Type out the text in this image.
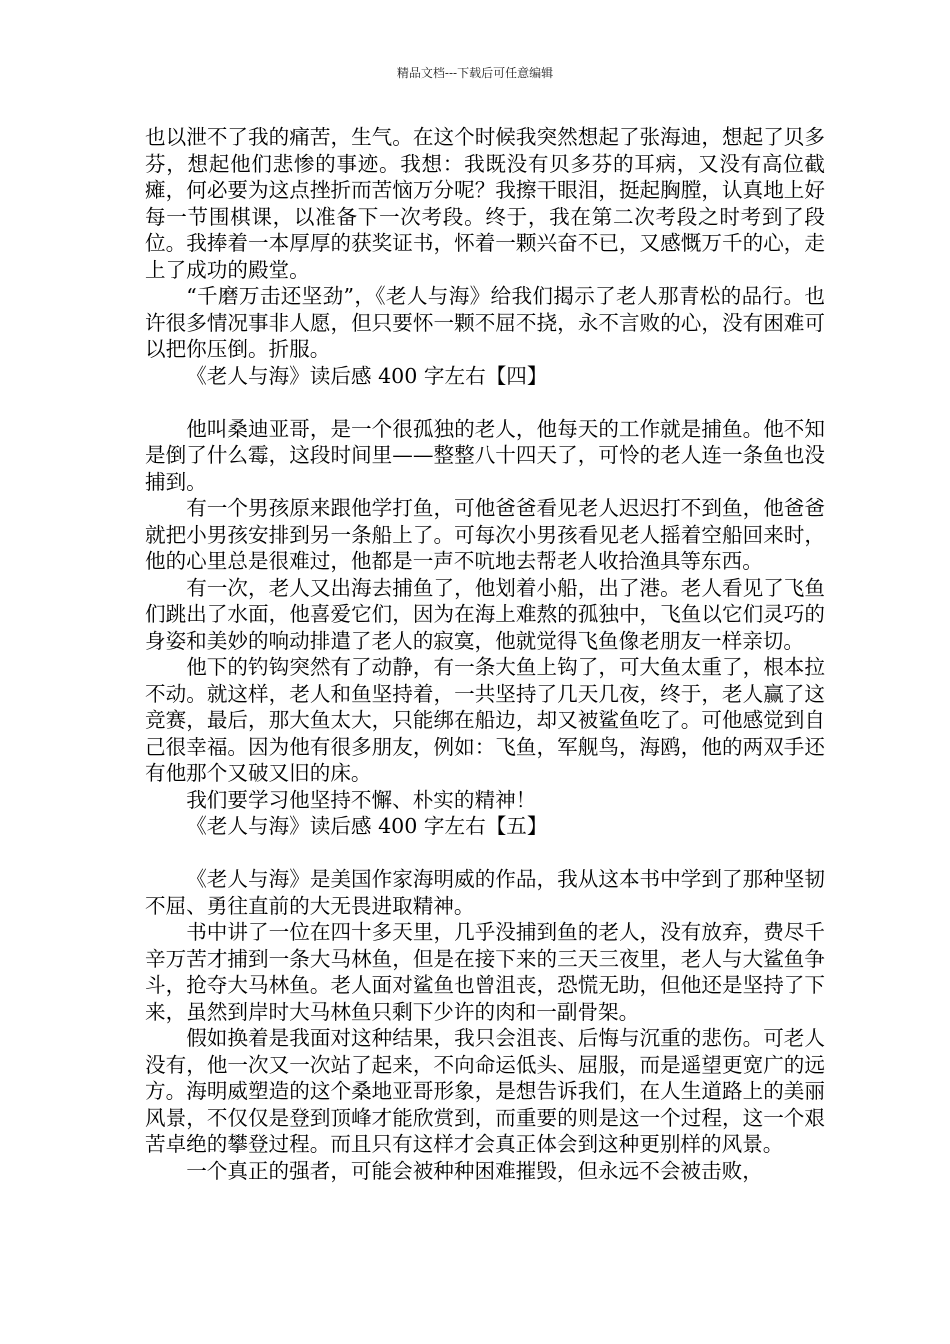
精品文档---下载后可任意编辑

也以泄不了我的痛苦，生气。在这个时候我突然想起了张海迪，想起了贝多芬，想起他们悲惨的事迹。我想：我既没有贝多芬的耳病，又没有高位截瘫，何必要为这点挫折而苦恼万分呢？我擦干眼泪，挺起胸膛，认真地上好每一节围棋课，以准备下一次考段。终于，我在第二次考段之时考到了段位。我捧着一本厚厚的获奖证书，怀着一颗兴奋不已，又感慨万千的心，走上了成功的殿堂。

“千磨万击还坚劲”，《老人与海》给我们揭示了老人那青松的品行。也许很多情况事非人愿，但只要怀一颗不屈不挠，永不言败的心，没有困难可以把你压倒。折服。

《老人与海》读后感 400 字左右【四】

他叫桑迪亚哥，是一个很孤独的老人，他每天的工作就是捕鱼。他不知是倒了什么霉，这段时间里——整整八十四天了，可怜的老人连一条鱼也没捕到。

有一个男孩原来跟他学打鱼，可他爸爸看见老人迟迟打不到鱼，他爸爸就把小男孩安排到另一条船上了。可每次小男孩看见老人摇着空船回来时，他的心里总是很难过，他都是一声不吭地去帮老人收拾渔具等东西。

有一次，老人又出海去捕鱼了，他划着小船，出了港。老人看见了飞鱼们跳出了水面，他喜爱它们，因为在海上难熬的孤独中，飞鱼以它们灵巧的身姿和美妙的响动排遣了老人的寂寞，他就觉得飞鱼像老朋友一样亲切。

他下的钓钩突然有了动静，有一条大鱼上钩了，可大鱼太重了，根本拉不动。就这样，老人和鱼坚持着，一共坚持了几天几夜，终于，老人赢了这竞赛，最后，那大鱼太大，只能绑在船边，却又被鲨鱼吃了。可他感觉到自己很幸福。因为他有很多朋友，例如：飞鱼，军舰鸟，海鸥，他的两双手还有他那个又破又旧的床。

我们要学习他坚持不懈、朴实的精神！

《老人与海》读后感 400 字左右【五】

《老人与海》是美国作家海明威的作品，我从这本书中学到了那种坚韧不屈、勇往直前的大无畏进取精神。

书中讲了一位在四十多天里，几乎没捕到鱼的老人，没有放弃，费尽千辛万苦才捕到一条大马林鱼，但是在接下来的三天三夜里，老人与大鲨鱼争斗，抢夺大马林鱼。老人面对鲨鱼也曾沮丧，恐慌无助，但他还是坚持了下来，虽然到岸时大马林鱼只剩下少许的肉和一副骨架。

假如换着是我面对这种结果，我只会沮丧、后悔与沉重的悲伤。可老人没有，他一次又一次站了起来，不向命运低头、屈服，而是遥望更宽广的远方。海明威塑造的这个桑地亚哥形象，是想告诉我们，在人生道路上的美丽风景，不仅仅是登到顶峰才能欣赏到，而重要的则是这一个过程，这一个艰苦卓绝的攀登过程。而且只有这样才会真正体会到这种更别样的风景。

一个真正的强者，可能会被种种困难摧毁，但永远不会被击败，
